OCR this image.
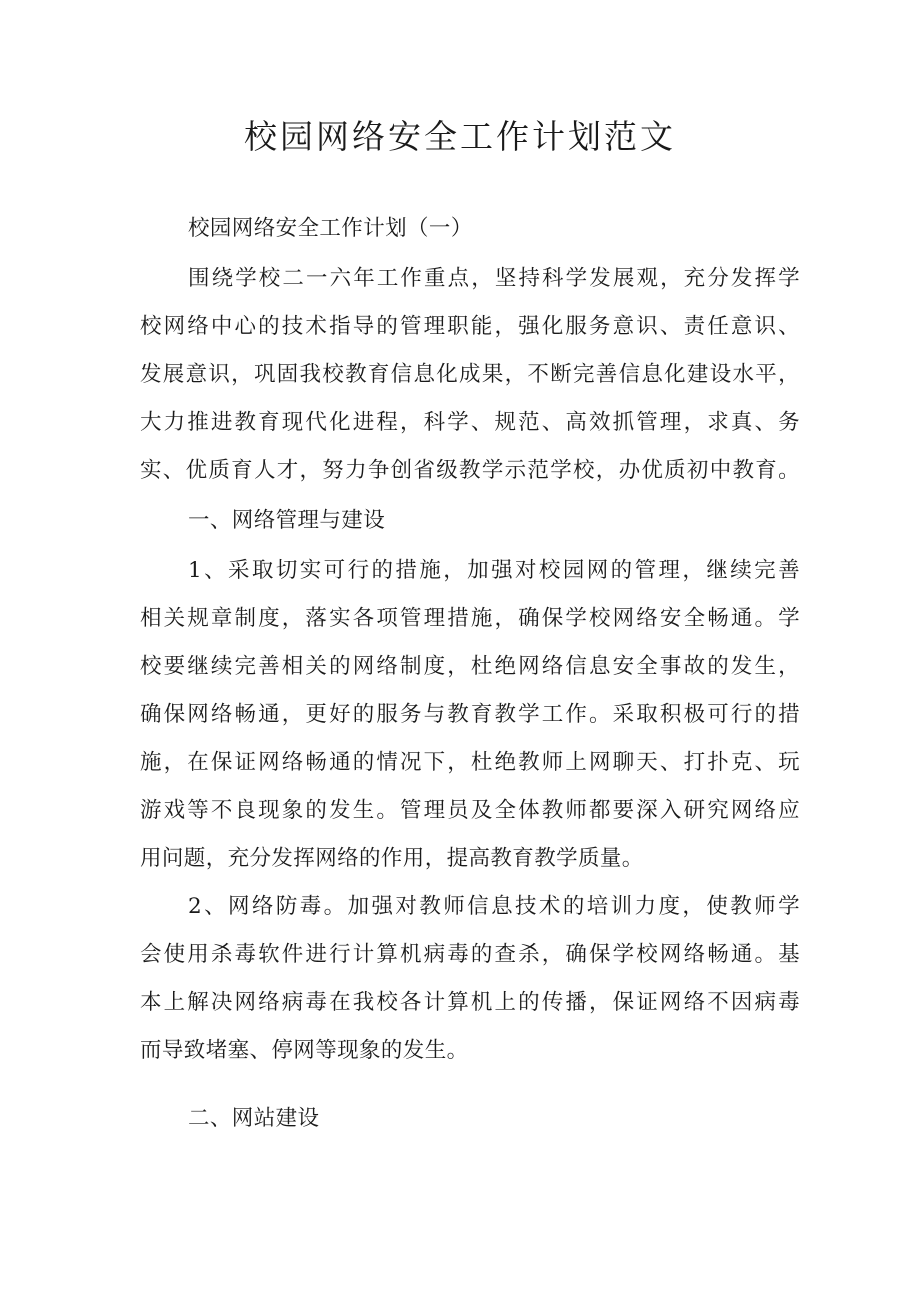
校园网络安全工作计划范文

校园网络安全工作计划（一）

围绕学校二一六年工作重点，坚持科学发展观，充分发挥学

校网络中心的技术指导的管理职能，强化服务意识、责任意识、

发展意识，巩固我校教育信息化成果，不断完善信息化建设水平，

大力推进教育现代化进程，科学、规范、高效抓管理，求真、务

实、优质育人才，努力争创省级教学示范学校，办优质初中教育。

一、网络管理与建设

1、采取切实可行的措施，加强对校园网的管理，继续完善

相关规章制度，落实各项管理措施，确保学校网络安全畅通。学

校要继续完善相关的网络制度，杜绝网络信息安全事故的发生，

确保网络畅通，更好的服务与教育教学工作。采取积极可行的措

施，在保证网络畅通的情况下，杜绝教师上网聊天、打扑克、玩

游戏等不良现象的发生。管理员及全体教师都要深入研究网络应

用问题，充分发挥网络的作用，提高教育教学质量。

2、网络防毒。加强对教师信息技术的培训力度，使教师学

会使用杀毒软件进行计算机病毒的查杀，确保学校网络畅通。基

本上解决网络病毒在我校各计算机上的传播，保证网络不因病毒

而导致堵塞、停网等现象的发生。

二、网站建设
